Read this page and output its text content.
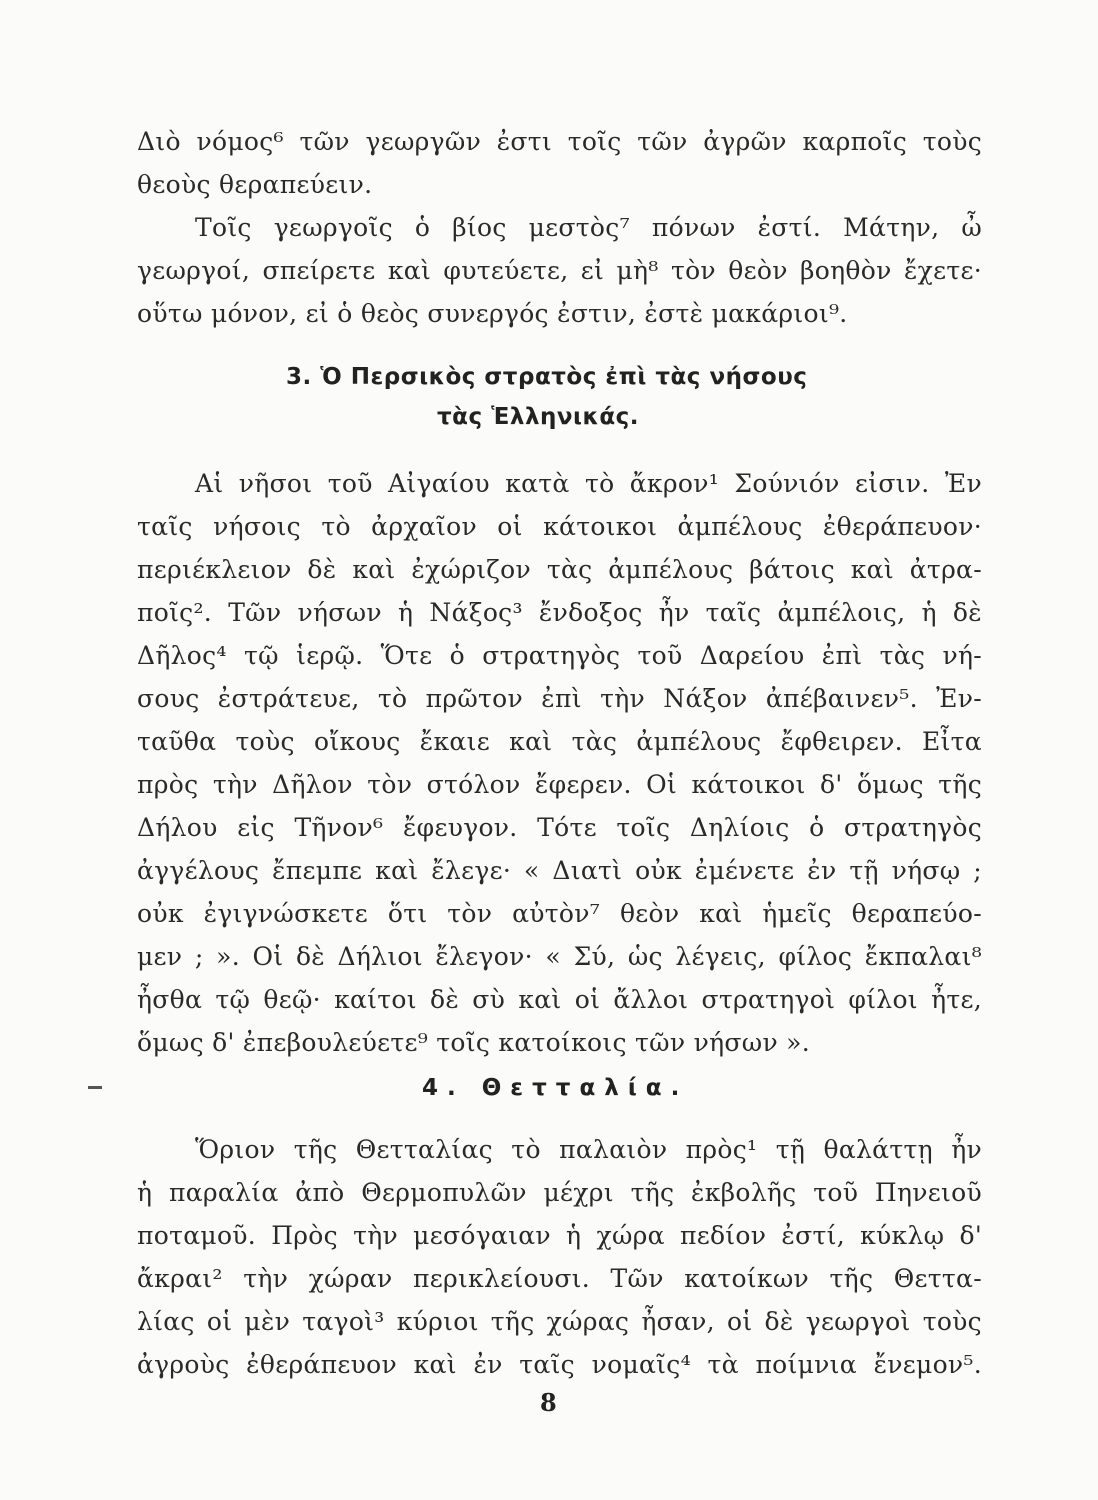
Διὸ νόμος⁶ τῶν γεωργῶν ἐστι τοῖς τῶν ἀγρῶν καρποῖς τοὺς
θεοὺς θεραπεύειν.
Τοῖς γεωργοῖς ὁ βίος μεστὸς⁷ πόνων ἐστί. Μάτην, ὦ
γεωργοί, σπείρετε καὶ φυτεύετε, εἰ μὴ⁸ τὸν θεὸν βοηθὸν ἔχετε·
οὕτω μόνον, εἰ ὁ θεὸς συνεργός ἐστιν, ἐστὲ μακάριοι⁹.
3. Ὁ Περσικὸς στρατὸς ἐπὶ τὰς νήσους
τὰς Ἑλληνικάς.
Αἱ νῆσοι τοῦ Αἰγαίου κατὰ τὸ ἄκρον¹ Σούνιόν εἰσιν. Ἐν
ταῖς νήσοις τὸ ἀρχαῖον οἱ κάτοικοι ἀμπέλους ἐθεράπευον·
περιέκλειον δὲ καὶ ἐχώριζον τὰς ἀμπέλους βάτοις καὶ ἀτρα-
ποῖς². Τῶν νήσων ἡ Νάξος³ ἔνδοξος ἦν ταῖς ἀμπέλοις, ἡ δὲ
Δῆλος⁴ τῷ ἱερῷ. Ὅτε ὁ στρατηγὸς τοῦ Δαρείου ἐπὶ τὰς νή-
σους ἐστράτευε, τὸ πρῶτον ἐπὶ τὴν Νάξον ἀπέβαινεν⁵. Ἐν-
ταῦθα τοὺς οἴκους ἔκαιε καὶ τὰς ἀμπέλους ἔφθειρεν. Εἶτα
πρὸς τὴν Δῆλον τὸν στόλον ἔφερεν. Οἱ κάτοικοι δ' ὅμως τῆς
Δήλου εἰς Τῆνον⁶ ἔφευγον. Τότε τοῖς Δηλίοις ὁ στρατηγὸς
ἀγγέλους ἔπεμπε καὶ ἔλεγε· « Διατὶ οὐκ ἐμένετε ἐν τῇ νήσῳ ;
οὐκ ἐγιγνώσκετε ὅτι τὸν αὐτὸν⁷ θεὸν καὶ ἡμεῖς θεραπεύο-
μεν ; ». Οἱ δὲ Δήλιοι ἔλεγον· « Σύ, ὡς λέγεις, φίλος ἔκπαλαι⁸
ἦσθα τῷ θεῷ· καίτοι δὲ σὺ καὶ οἱ ἄλλοι στρατηγοὶ φίλοι ἦτε,
ὅμως δ' ἐπεβουλεύετε⁹ τοῖς κατοίκοις τῶν νήσων ».
4. Θετταλία.
Ὅριον τῆς Θετταλίας τὸ παλαιὸν πρὸς¹ τῇ θαλάττῃ ἦν
ἡ παραλία ἀπὸ Θερμοπυλῶν μέχρι τῆς ἐκβολῆς τοῦ Πηνειοῦ
ποταμοῦ. Πρὸς τὴν μεσόγαιαν ἡ χώρα πεδίον ἐστί, κύκλῳ δ'
ἄκραι² τὴν χώραν περικλείουσι. Τῶν κατοίκων τῆς Θεττα-
λίας οἱ μὲν ταγοὶ³ κύριοι τῆς χώρας ἦσαν, οἱ δὲ γεωργοὶ τοὺς
ἀγροὺς ἐθεράπευον καὶ ἐν ταῖς νομαῖς⁴ τὰ ποίμνια ἔνεμον⁵.
8
